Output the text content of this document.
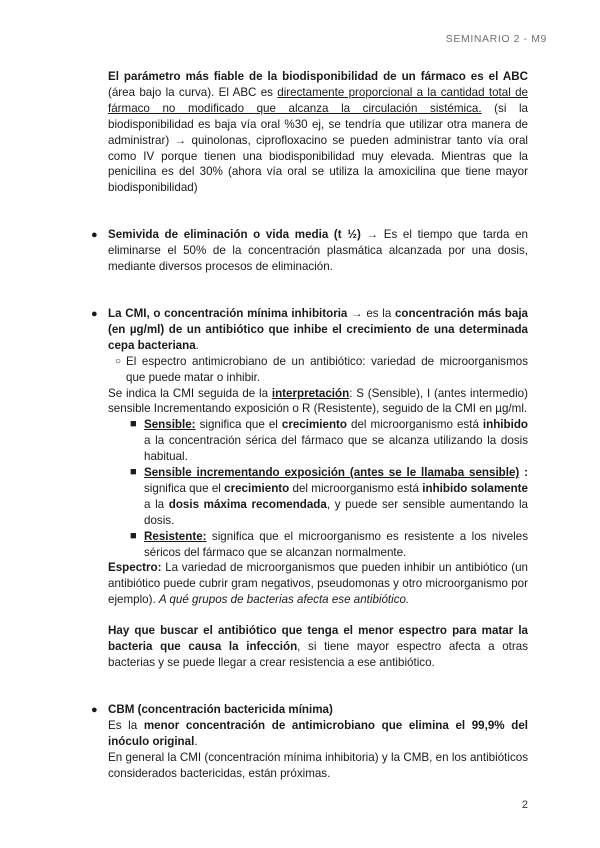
SEMINARIO 2 - M9

El parámetro más fiable de la biodisponibilidad de un fármaco es el ABC (área bajo la curva). El ABC es directamente proporcional a la cantidad total de fármaco no modificado que alcanza la circulación sistémica. (si la biodisponibilidad es baja vía oral %30 ej, se tendría que utilizar otra manera de administrar) → quinolonas, ciprofloxacino se pueden administrar tanto vía oral como IV porque tienen una biodisponibilidad muy elevada. Mientras que la penicilina es del 30% (ahora vía oral se utiliza la amoxicilina que tiene mayor biodisponibilidad)

● Semivida de eliminación o vida media (t ½) → Es el tiempo que tarda en eliminarse el 50% de la concentración plasmática alcanzada por una dosis, mediante diversos procesos de eliminación.

● La CMI, o concentración mínima inhibitoria → es la concentración más baja (en µg/ml) de un antibiótico que inhibe el crecimiento de una determinada cepa bacteriana.

○ El espectro antimicrobiano de un antibiótico: variedad de microorganismos que puede matar o inhibir.

Se indica la CMI seguida de la interpretación: S (Sensible), I (antes intermedio) sensible Incrementando exposición o R (Resistente), seguido de la CMI en µg/ml.

■ Sensible: significa que el crecimiento del microorganismo está inhibido a la concentración sérica del fármaco que se alcanza utilizando la dosis habitual.

■ Sensible incrementando exposición (antes se le llamaba sensible) : significa que el crecimiento del microorganismo está inhibido solamente a la dosis máxima recomendada, y puede ser sensible aumentando la dosis.

■ Resistente: significa que el microorganismo es resistente a los niveles séricos del fármaco que se alcanzan normalmente.

Espectro: La variedad de microorganismos que pueden inhibir un antibiótico (un antibiótico puede cubrir gram negativos, pseudomonas y otro microorganismo por ejemplo). A qué grupos de bacterias afecta ese antibiótico.

Hay que buscar el antibiótico que tenga el menor espectro para matar la bacteria que causa la infección, si tiene mayor espectro afecta a otras bacterias y se puede llegar a crear resistencia a ese antibiótico.

● CBM (concentración bactericida mínima)

Es la menor concentración de antimicrobiano que elimina el 99,9% del inóculo original.

En general la CMI (concentración mínima inhibitoria) y la CMB, en los antibióticos considerados bactericidas, están próximas.

2
